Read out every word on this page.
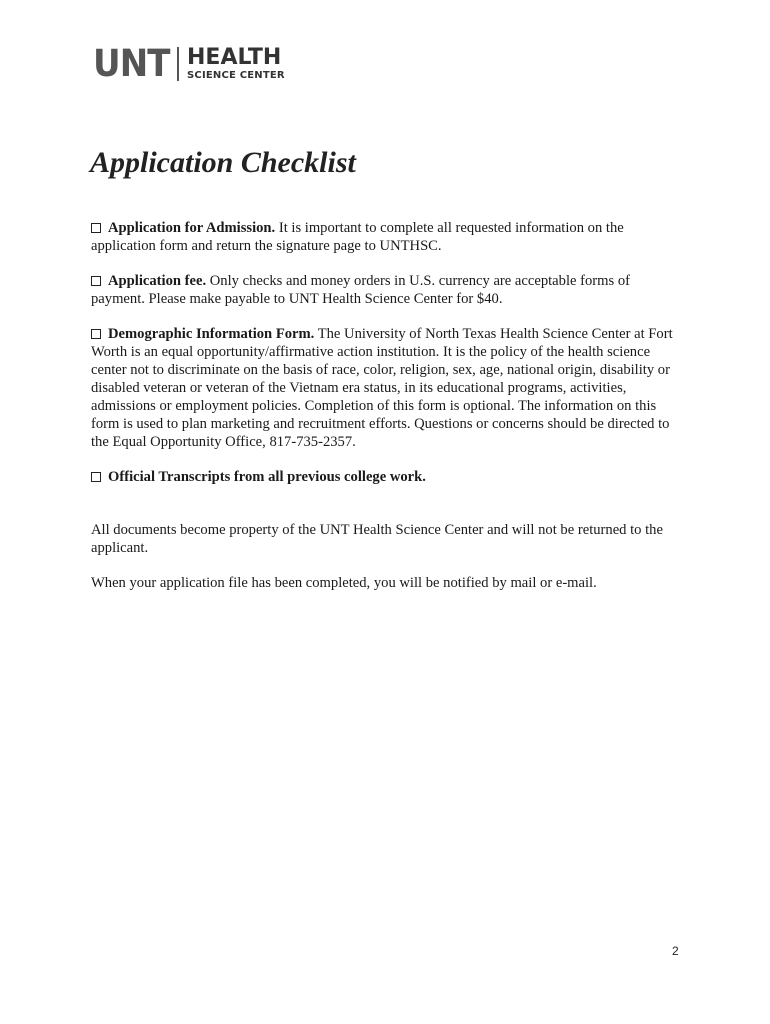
UNT HEALTH
SCIENCE CENTER
Application Checklist

Application for Admission. It is important to complete all requested information on the application form and return the signature page to UNTHSC.

Application fee. Only checks and money orders in U.S. currency are acceptable forms of payment. Please make payable to UNT Health Science Center for $40.

Demographic Information Form. The University of North Texas Health Science Center at Fort Worth is an equal opportunity/affirmative action institution. It is the policy of the health science center not to discriminate on the basis of race, color, religion, sex, age, national origin, disability or disabled veteran or veteran of the Vietnam era status, in its educational programs, activities, admissions or employment policies. Completion of this form is optional. The information on this form is used to plan marketing and recruitment efforts. Questions or concerns should be directed to the Equal Opportunity Office, 817-735-2357.

Official Transcripts from all previous college work.

All documents become property of the UNT Health Science Center and will not be returned to the applicant.

When your application file has been completed, you will be notified by mail or e-mail.

2
